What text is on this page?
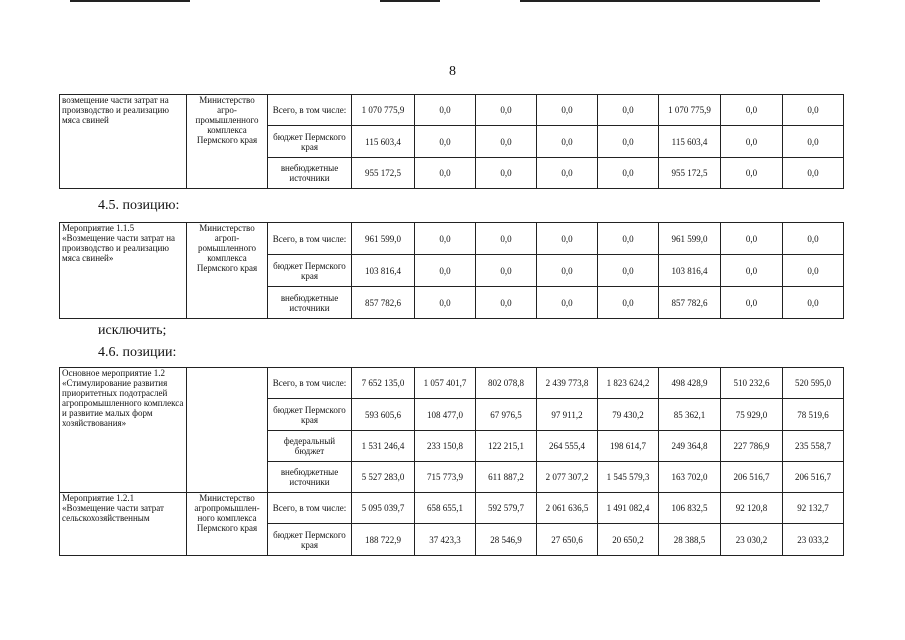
8
возмещение части затрат на производство и реализацию мяса свиней	Министерство агро-промышленного комплекса Пермского края	Всего, в том числе:	1 070 775,9	0,0	0,0	0,0	0,0	1 070 775,9	0,0	0,0
		бюджет Пермского края	115 603,4	0,0	0,0	0,0	0,0	115 603,4	0,0	0,0
		внебюджетные источники	955 172,5	0,0	0,0	0,0	0,0	955 172,5	0,0	0,0
4.5. позицию:
Мероприятие 1.1.5 «Возмещение части затрат на производство и реализацию мяса свиней»	Министерство агроп-ромышленного комплекса Пермского края	Всего, в том числе:	961 599,0	0,0	0,0	0,0	0,0	961 599,0	0,0	0,0
		бюджет Пермского края	103 816,4	0,0	0,0	0,0	0,0	103 816,4	0,0	0,0
		внебюджетные источники	857 782,6	0,0	0,0	0,0	0,0	857 782,6	0,0	0,0
исключить;
4.6. позиции:
Основное мероприятие 1.2 «Стимулирование развития приоритетных подотраслей агропромышленного комплекса и развитие малых форм хозяйствования»		Всего, в том числе:	7 652 135,0	1 057 401,7	802 078,8	2 439 773,8	1 823 624,2	498 428,9	510 232,6	520 595,0
		бюджет Пермского края	593 605,6	108 477,0	67 976,5	97 911,2	79 430,2	85 362,1	75 929,0	78 519,6
		федеральный бюджет	1 531 246,4	233 150,8	122 215,1	264 555,4	198 614,7	249 364,8	227 786,9	235 558,7
		внебюджетные источники	5 527 283,0	715 773,9	611 887,2	2 077 307,2	1 545 579,3	163 702,0	206 516,7	206 516,7
Мероприятие 1.2.1 «Возмещение части затрат сельскохозяйственным	Министерство агропромышлен-ного комплекса Пермского края	Всего, в том числе:	5 095 039,7	658 655,1	592 579,7	2 061 636,5	1 491 082,4	106 832,5	92 120,8	92 132,7
		бюджет Пермского края	188 722,9	37 423,3	28 546,9	27 650,6	20 650,2	28 388,5	23 030,2	23 033,2
